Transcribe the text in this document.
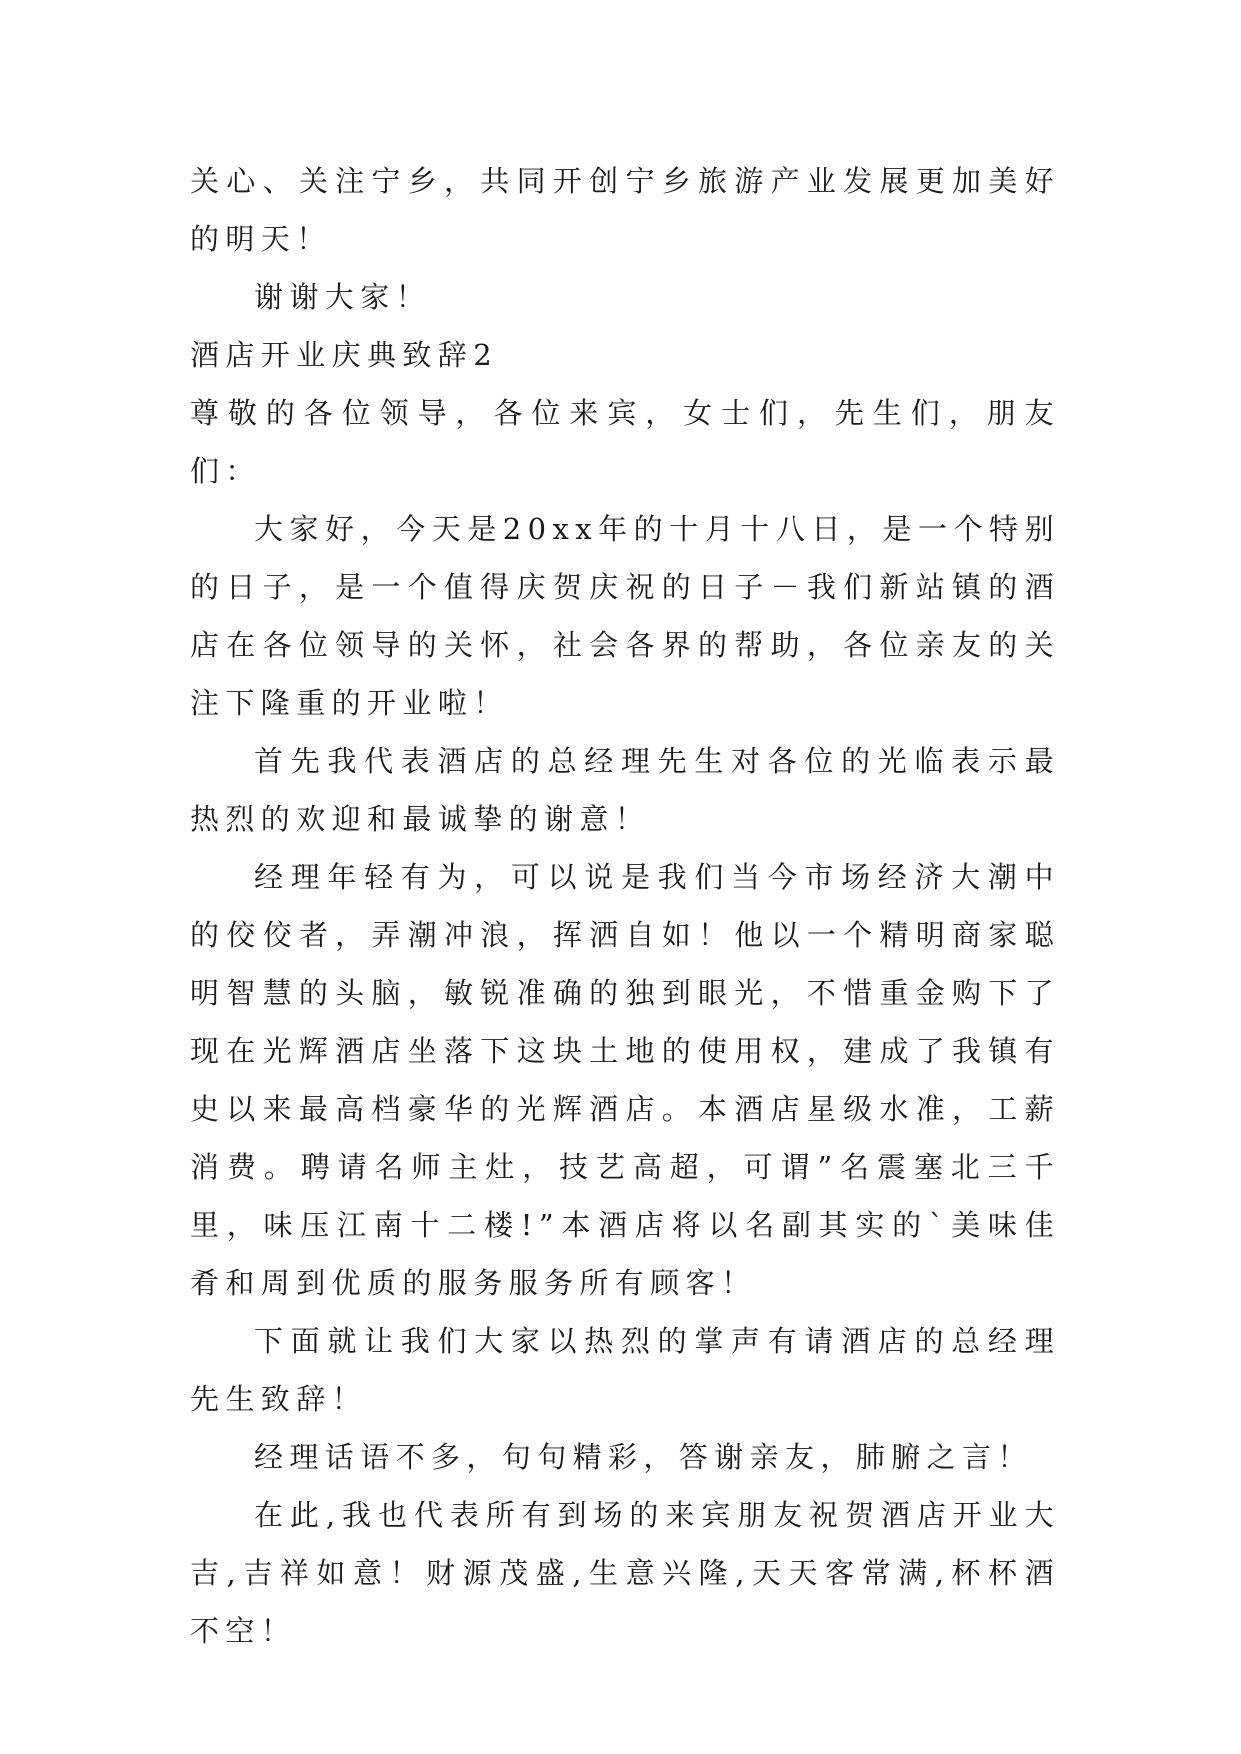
关心、关注宁乡，共同开创宁乡旅游产业发展更加美好的明天！

谢谢大家！

酒店开业庆典致辞2

尊敬的各位领导，各位来宾，女士们，先生们，朋友们：

大家好，今天是20xx年的十月十八日，是一个特别的日子，是一个值得庆贺庆祝的日子－我们新站镇的酒店在各位领导的关怀，社会各界的帮助，各位亲友的关注下隆重的开业啦！

首先我代表酒店的总经理先生对各位的光临表示最热烈的欢迎和最诚挚的谢意！

经理年轻有为，可以说是我们当今市场经济大潮中的佼佼者，弄潮冲浪，挥洒自如！他以一个精明商家聪明智慧的头脑，敏锐准确的独到眼光，不惜重金购下了现在光辉酒店坐落下这块土地的使用权，建成了我镇有史以来最高档豪华的光辉酒店。本酒店星级水准，工薪消费。聘请名师主灶，技艺高超，可谓”名震塞北三千里，味压江南十二楼!”本酒店将以名副其实的`美味佳肴和周到优质的服务服务所有顾客！

下面就让我们大家以热烈的掌声有请酒店的总经理先生致辞！

经理话语不多，句句精彩，答谢亲友，肺腑之言！

在此,我也代表所有到场的来宾朋友祝贺酒店开业大吉,吉祥如意！财源茂盛,生意兴隆,天天客常满,杯杯酒不空！
